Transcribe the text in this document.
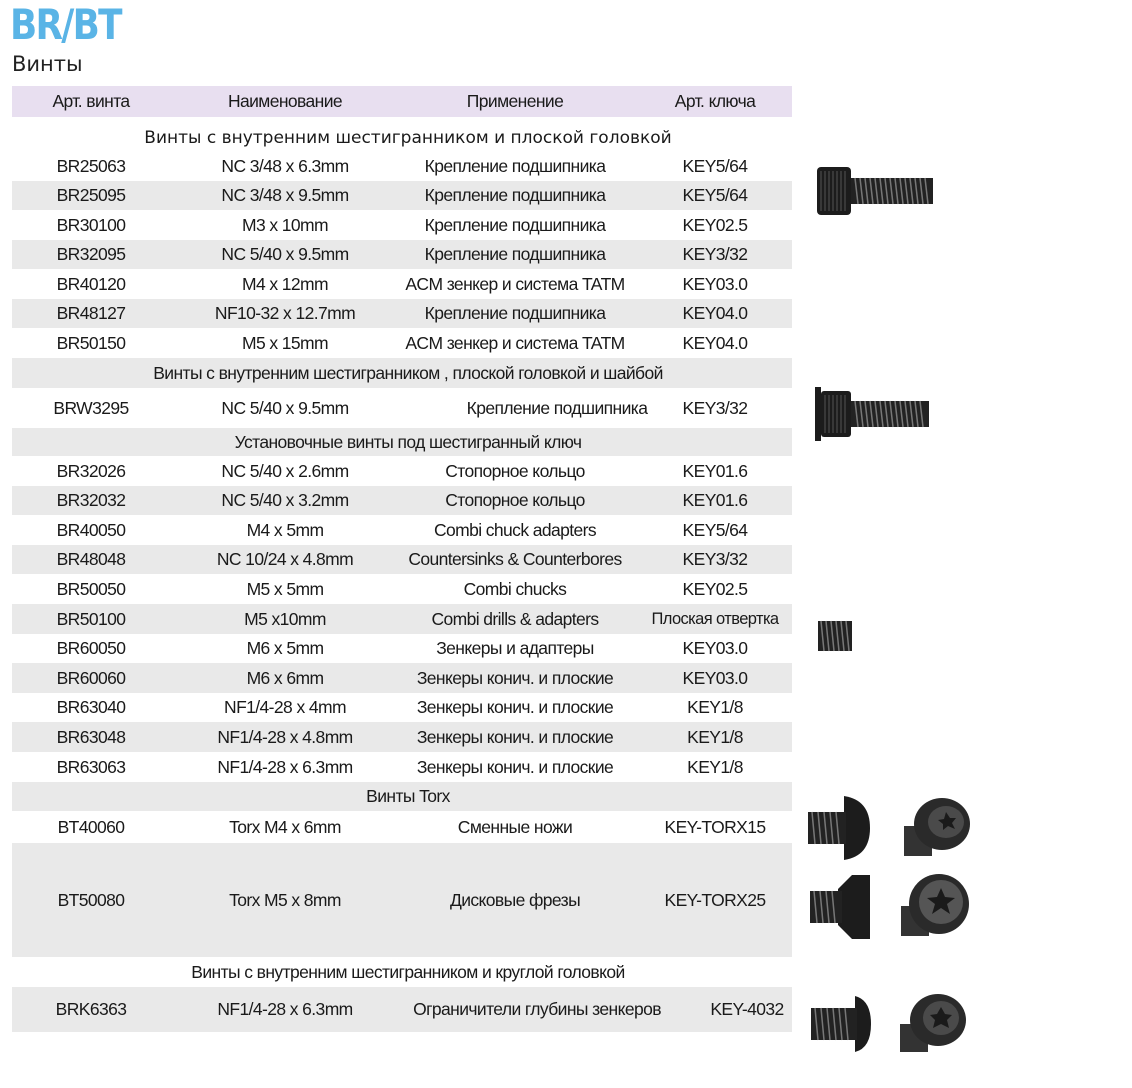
BR/BT
Винты
Арт. винта	Наименование	Применение	Арт. ключа
Винты с внутренним шестигранником и плоской головкой
BR25063	NC 3/48 x 6.3mm	Крепление подшипника	KEY5/64
BR25095	NC 3/48 x 9.5mm	Крепление подшипника	KEY5/64
BR30100	M3 x 10mm	Крепление подшипника	KEY02.5
BR32095	NC 5/40 x 9.5mm	Крепление подшипника	KEY3/32
BR40120	M4 x 12mm	ACM зенкер и система TATM	KEY03.0
BR48127	NF10-32 x 12.7mm	Крепление подшипника	KEY04.0
BR50150	M5 x 15mm	ACM зенкер и система TATM	KEY04.0
Винты с внутренним шестигранником , плоской головкой и шайбой
BRW3295	NC 5/40 x 9.5mm	Крепление подшипника	KEY3/32
Установочные винты под шестигранный ключ
BR32026	NC 5/40 x 2.6mm	Стопорное кольцо	KEY01.6
BR32032	NC 5/40 x 3.2mm	Стопорное кольцо	KEY01.6
BR40050	M4 x 5mm	Combi chuck adapters	KEY5/64
BR48048	NC 10/24 x 4.8mm	Countersinks & Counterbores	KEY3/32
BR50050	M5 x 5mm	Combi chucks	KEY02.5
BR50100	M5 x10mm	Combi drills & adapters	Плоская отвертка
BR60050	M6 x 5mm	Зенкеры и адаптеры	KEY03.0
BR60060	M6 x 6mm	Зенкеры конич. и плоские	KEY03.0
BR63040	NF1/4-28 x 4mm	Зенкеры конич. и плоские	KEY1/8
BR63048	NF1/4-28 x 4.8mm	Зенкеры конич. и плоские	KEY1/8
BR63063	NF1/4-28 x 6.3mm	Зенкеры конич. и плоские	KEY1/8
Винты Torx
BT40060	Torx M4 x 6mm	Сменные ножи	KEY-TORX15
BT50080	Torx M5 x 8mm	Дисковые фрезы	KEY-TORX25
Винты с внутренним шестигранником и круглой головкой
BRK6363	NF1/4-28 x 6.3mm	Ограничители глубины зенкеров	KEY-4032
